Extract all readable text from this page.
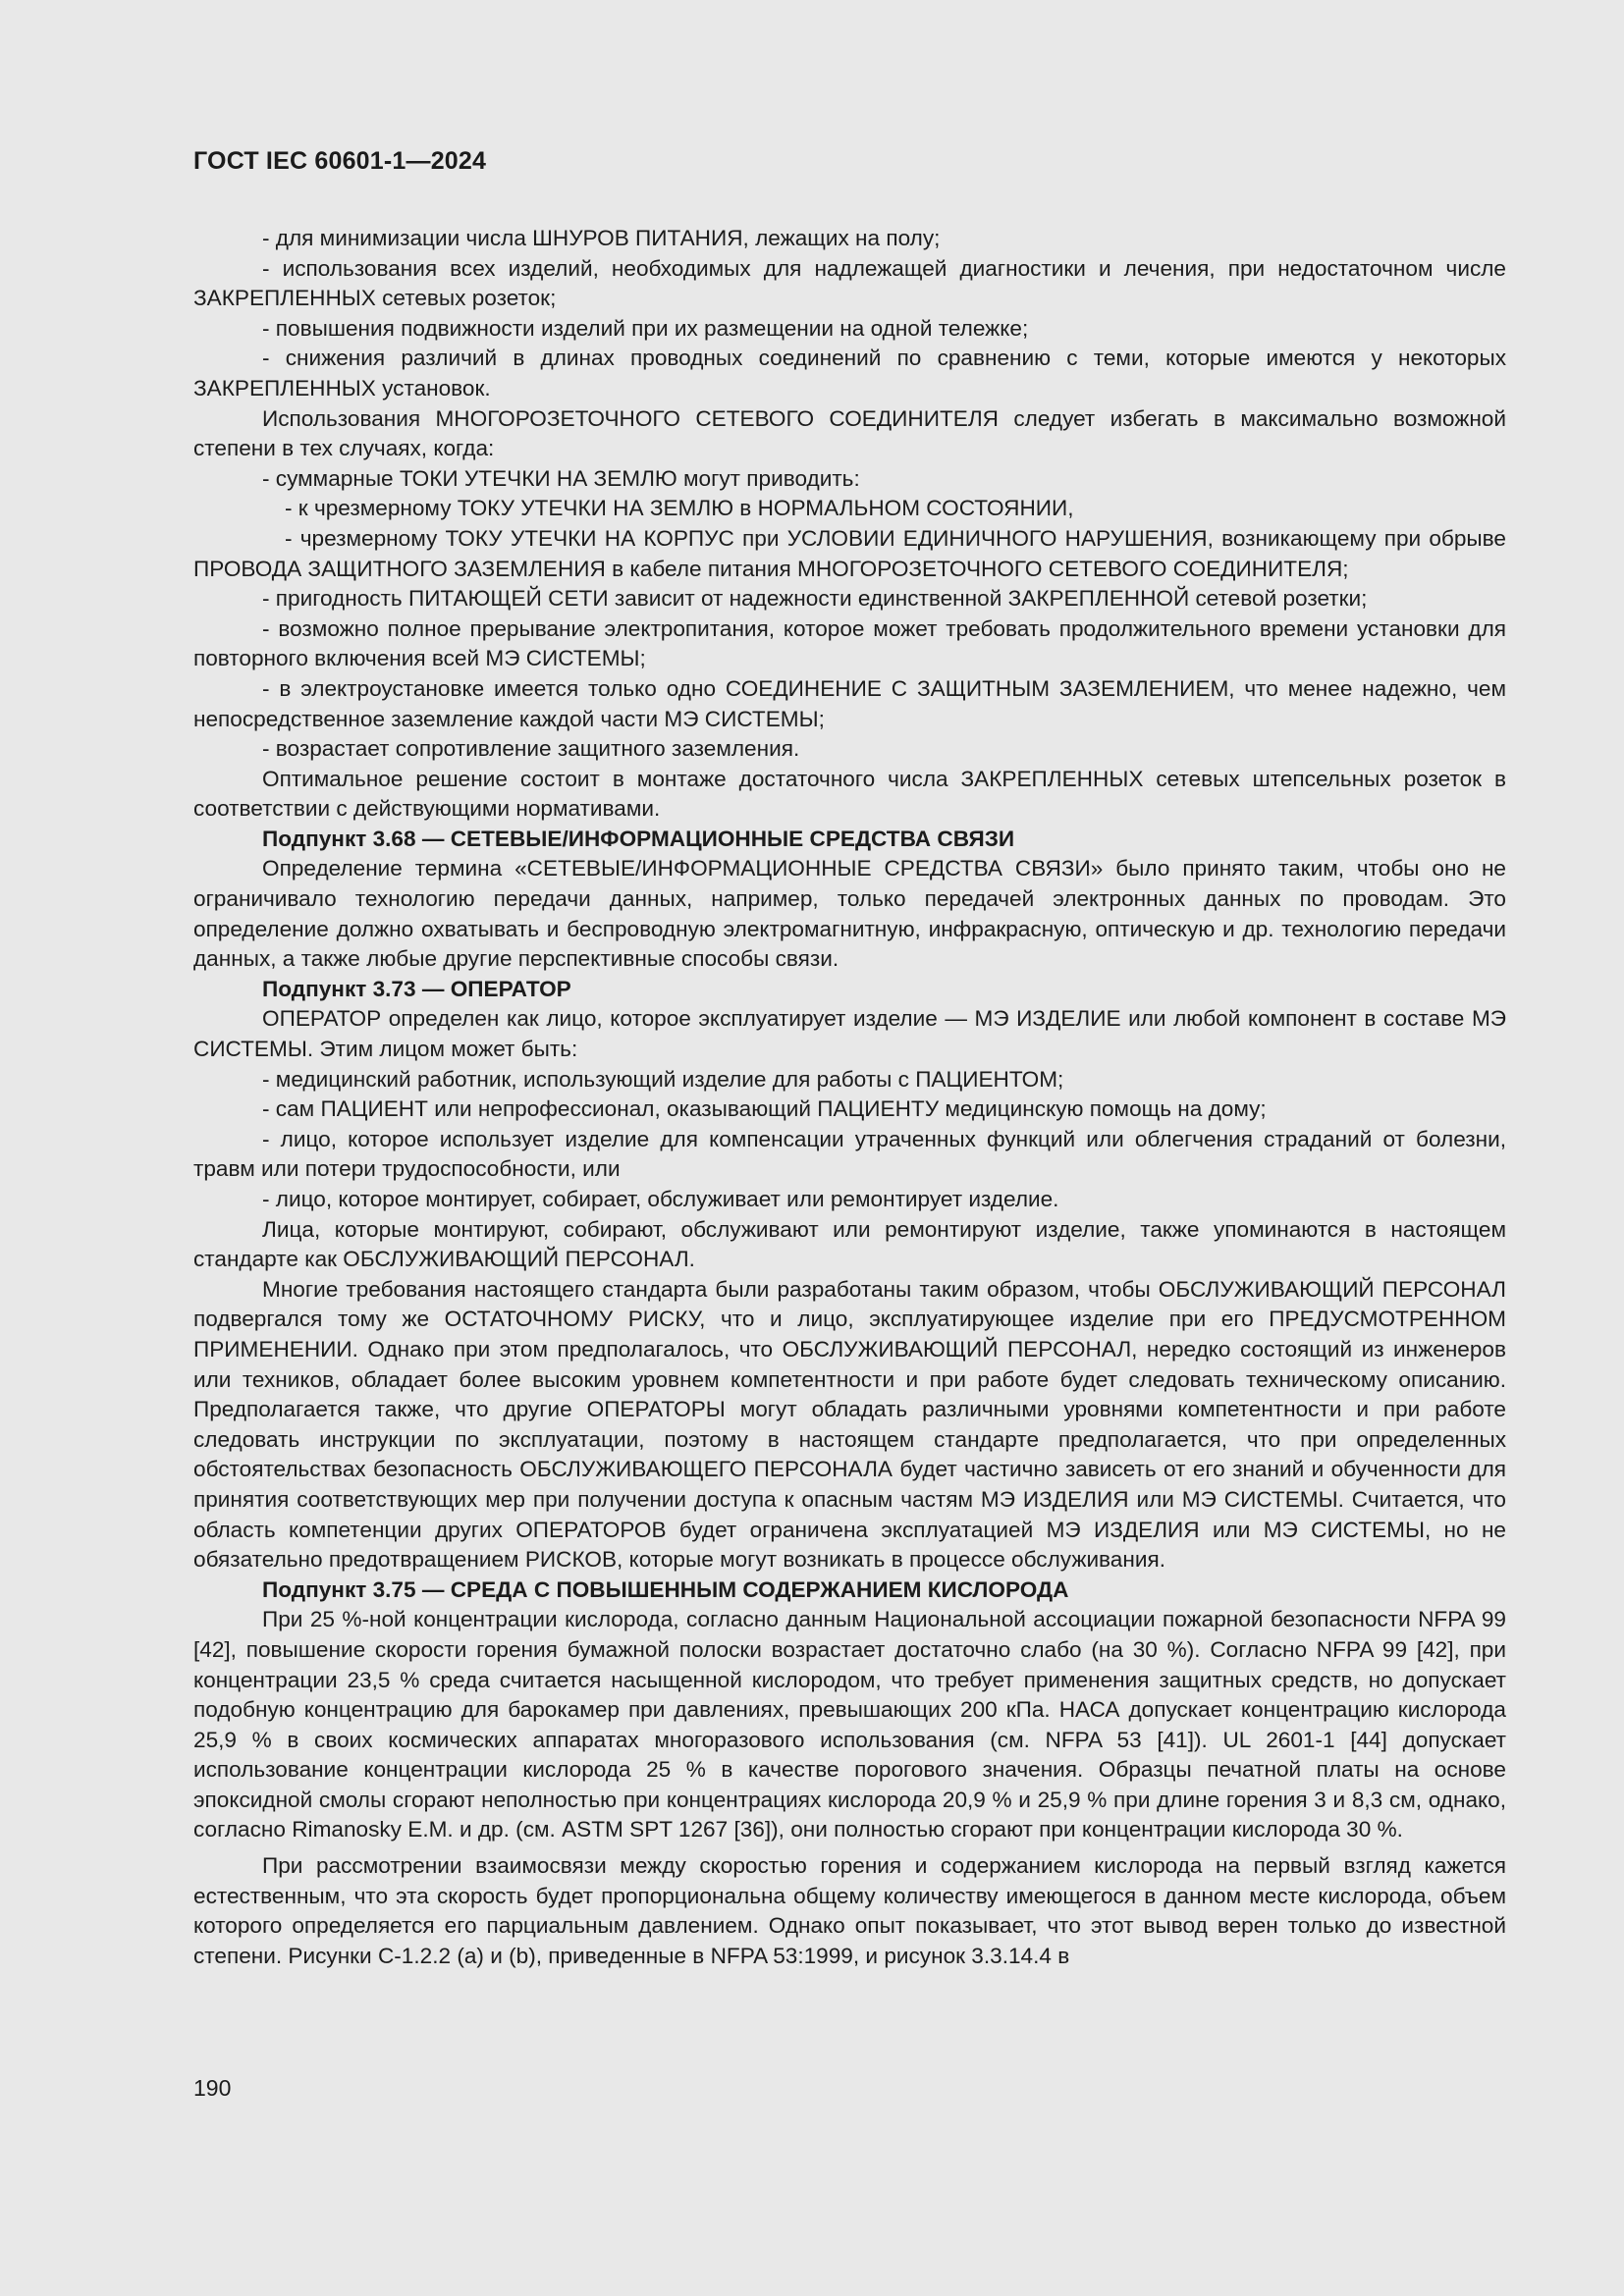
ГОСТ IEC 60601-1—2024

- для минимизации числа ШНУРОВ ПИТАНИЯ, лежащих на полу;

- использования всех изделий, необходимых для надлежащей диагностики и лечения, при недостаточном числе ЗАКРЕПЛЕННЫХ сетевых розеток;

- повышения подвижности изделий при их размещении на одной тележке;

- снижения различий в длинах проводных соединений по сравнению с теми, которые имеются у некоторых ЗАКРЕПЛЕННЫХ установок.

Использования МНОГОРОЗЕТОЧНОГО СЕТЕВОГО СОЕДИНИТЕЛЯ следует избегать в максимально возможной степени в тех случаях, когда:

- суммарные ТОКИ УТЕЧКИ НА ЗЕМЛЮ могут приводить:

- к чрезмерному ТОКУ УТЕЧКИ НА ЗЕМЛЮ в НОРМАЛЬНОМ СОСТОЯНИИ,

- чрезмерному ТОКУ УТЕЧКИ НА КОРПУС при УСЛОВИИ ЕДИНИЧНОГО НАРУШЕНИЯ, возникающему при обрыве ПРОВОДА ЗАЩИТНОГО ЗАЗЕМЛЕНИЯ в кабеле питания МНОГОРОЗЕТОЧНОГО СЕТЕВОГО СОЕДИНИТЕЛЯ;

- пригодность ПИТАЮЩЕЙ СЕТИ зависит от надежности единственной ЗАКРЕПЛЕННОЙ сетевой розетки;

- возможно полное прерывание электропитания, которое может требовать продолжительного времени установки для повторного включения всей МЭ СИСТЕМЫ;

- в электроустановке имеется только одно СОЕДИНЕНИЕ С ЗАЩИТНЫМ ЗАЗЕМЛЕНИЕМ, что менее надежно, чем непосредственное заземление каждой части МЭ СИСТЕМЫ;

- возрастает сопротивление защитного заземления.

Оптимальное решение состоит в монтаже достаточного числа ЗАКРЕПЛЕННЫХ сетевых штепсельных розеток в соответствии с действующими нормативами.

Подпункт 3.68 — СЕТЕВЫЕ/ИНФОРМАЦИОННЫЕ СРЕДСТВА СВЯЗИ

Определение термина «СЕТЕВЫЕ/ИНФОРМАЦИОННЫЕ СРЕДСТВА СВЯЗИ» было принято таким, чтобы оно не ограничивало технологию передачи данных, например, только передачей электронных данных по проводам. Это определение должно охватывать и беспроводную электромагнитную, инфракрасную, оптическую и др. технологию передачи данных, а также любые другие перспективные способы связи.

Подпункт 3.73 — ОПЕРАТОР

ОПЕРАТОР определен как лицо, которое эксплуатирует изделие — МЭ ИЗДЕЛИЕ или любой компонент в составе МЭ СИСТЕМЫ. Этим лицом может быть:

- медицинский работник, использующий изделие для работы с ПАЦИЕНТОМ;

- сам ПАЦИЕНТ или непрофессионал, оказывающий ПАЦИЕНТУ медицинскую помощь на дому;

- лицо, которое использует изделие для компенсации утраченных функций или облегчения страданий от болезни, травм или потери трудоспособности, или

- лицо, которое монтирует, собирает, обслуживает или ремонтирует изделие.

Лица, которые монтируют, собирают, обслуживают или ремонтируют изделие, также упоминаются в настоящем стандарте как ОБСЛУЖИВАЮЩИЙ ПЕРСОНАЛ.

Многие требования настоящего стандарта были разработаны таким образом, чтобы ОБСЛУЖИВАЮЩИЙ ПЕРСОНАЛ подвергался тому же ОСТАТОЧНОМУ РИСКУ, что и лицо, эксплуатирующее изделие при его ПРЕДУСМОТРЕННОМ ПРИМЕНЕНИИ. Однако при этом предполагалось, что ОБСЛУЖИВАЮЩИЙ ПЕРСОНАЛ, нередко состоящий из инженеров или техников, обладает более высоким уровнем компетентности и при работе будет следовать техническому описанию. Предполагается также, что другие ОПЕРАТОРЫ могут обладать различными уровнями компетентности и при работе следовать инструкции по эксплуатации, поэтому в настоящем стандарте предполагается, что при определенных обстоятельствах безопасность ОБСЛУЖИВАЮЩЕГО ПЕРСОНАЛА будет частично зависеть от его знаний и обученности для принятия соответствующих мер при получении доступа к опасным частям МЭ ИЗДЕЛИЯ или МЭ СИСТЕМЫ. Считается, что область компетенции других ОПЕРАТОРОВ будет ограничена эксплуатацией МЭ ИЗДЕЛИЯ или МЭ СИСТЕМЫ, но не обязательно предотвращением РИСКОВ, которые могут возникать в процессе обслуживания.

Подпункт 3.75 — СРЕДА С ПОВЫШЕННЫМ СОДЕРЖАНИЕМ КИСЛОРОДА

При 25 %-ной концентрации кислорода, согласно данным Национальной ассоциации пожарной безопасности NFPA 99 [42], повышение скорости горения бумажной полоски возрастает достаточно слабо (на 30 %). Согласно NFPA 99 [42], при концентрации 23,5 % среда считается насыщенной кислородом, что требует применения защитных средств, но допускает подобную концентрацию для барокамер при давлениях, превышающих 200 кПа. НАСА допускает концентрацию кислорода 25,9 % в своих космических аппаратах многоразового использования (см. NFPA 53 [41]). UL 2601-1 [44] допускает использование концентрации кислорода 25 % в качестве порогового значения. Образцы печатной платы на основе эпоксидной смолы сгорают неполностью при концентрациях кислорода 20,9 % и 25,9 % при длине горения 3 и 8,3 см, однако, согласно Rimanosky E.M. и др. (см. ASTM SPT 1267 [36]), они полностью сгорают при концентрации кислорода 30 %.

При рассмотрении взаимосвязи между скоростью горения и содержанием кислорода на первый взгляд кажется естественным, что эта скорость будет пропорциональна общему количеству имеющегося в данном месте кислорода, объем которого определяется его парциальным давлением. Однако опыт показывает, что этот вывод верен только до известной степени. Рисунки С-1.2.2 (а) и (b), приведенные в NFPA 53:1999, и рисунок 3.3.14.4 в

190
